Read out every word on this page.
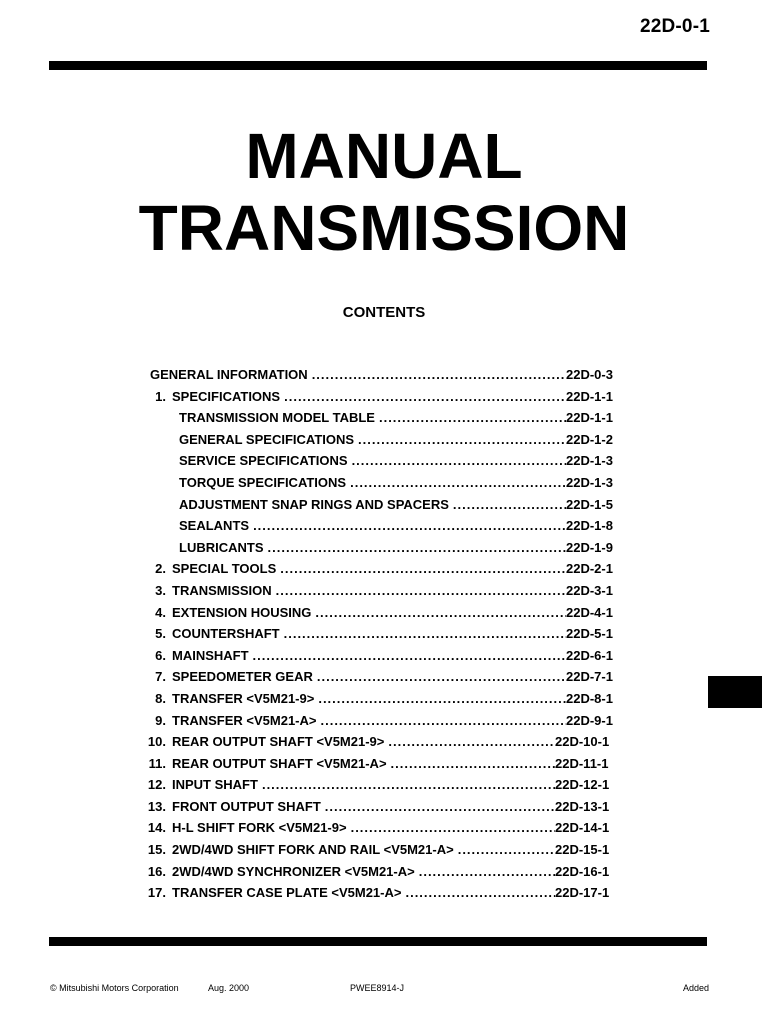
22D-0-1
MANUAL
TRANSMISSION
CONTENTS
GENERAL INFORMATION .....	22D-0-3
1. SPECIFICATIONS .....	22D-1-1
TRANSMISSION MODEL TABLE .....	22D-1-1
GENERAL SPECIFICATIONS .....	22D-1-2
SERVICE SPECIFICATIONS .....	22D-1-3
TORQUE SPECIFICATIONS .....	22D-1-3
ADJUSTMENT SNAP RINGS AND SPACERS .....	22D-1-5
SEALANTS .....	22D-1-8
LUBRICANTS .....	22D-1-9
2. SPECIAL TOOLS .....	22D-2-1
3. TRANSMISSION .....	22D-3-1
4. EXTENSION HOUSING .....	22D-4-1
5. COUNTERSHAFT .....	22D-5-1
6. MAINSHAFT .....	22D-6-1
7. SPEEDOMETER GEAR .....	22D-7-1
8. TRANSFER <V5M21-9> .....	22D-8-1
9. TRANSFER <V5M21-A> .....	22D-9-1
10. REAR OUTPUT SHAFT <V5M21-9> .....	22D-10-1
11. REAR OUTPUT SHAFT <V5M21-A> .....	22D-11-1
12. INPUT SHAFT .....	22D-12-1
13. FRONT OUTPUT SHAFT .....	22D-13-1
14. H-L SHIFT FORK <V5M21-9> .....	22D-14-1
15. 2WD/4WD SHIFT FORK AND RAIL <V5M21-A> .....	22D-15-1
16. 2WD/4WD SYNCHRONIZER <V5M21-A> .....	22D-16-1
17. TRANSFER CASE PLATE <V5M21-A> .....	22D-17-1
© Mitsubishi Motors Corporation	Aug. 2000	PWEE8914-J	Added
